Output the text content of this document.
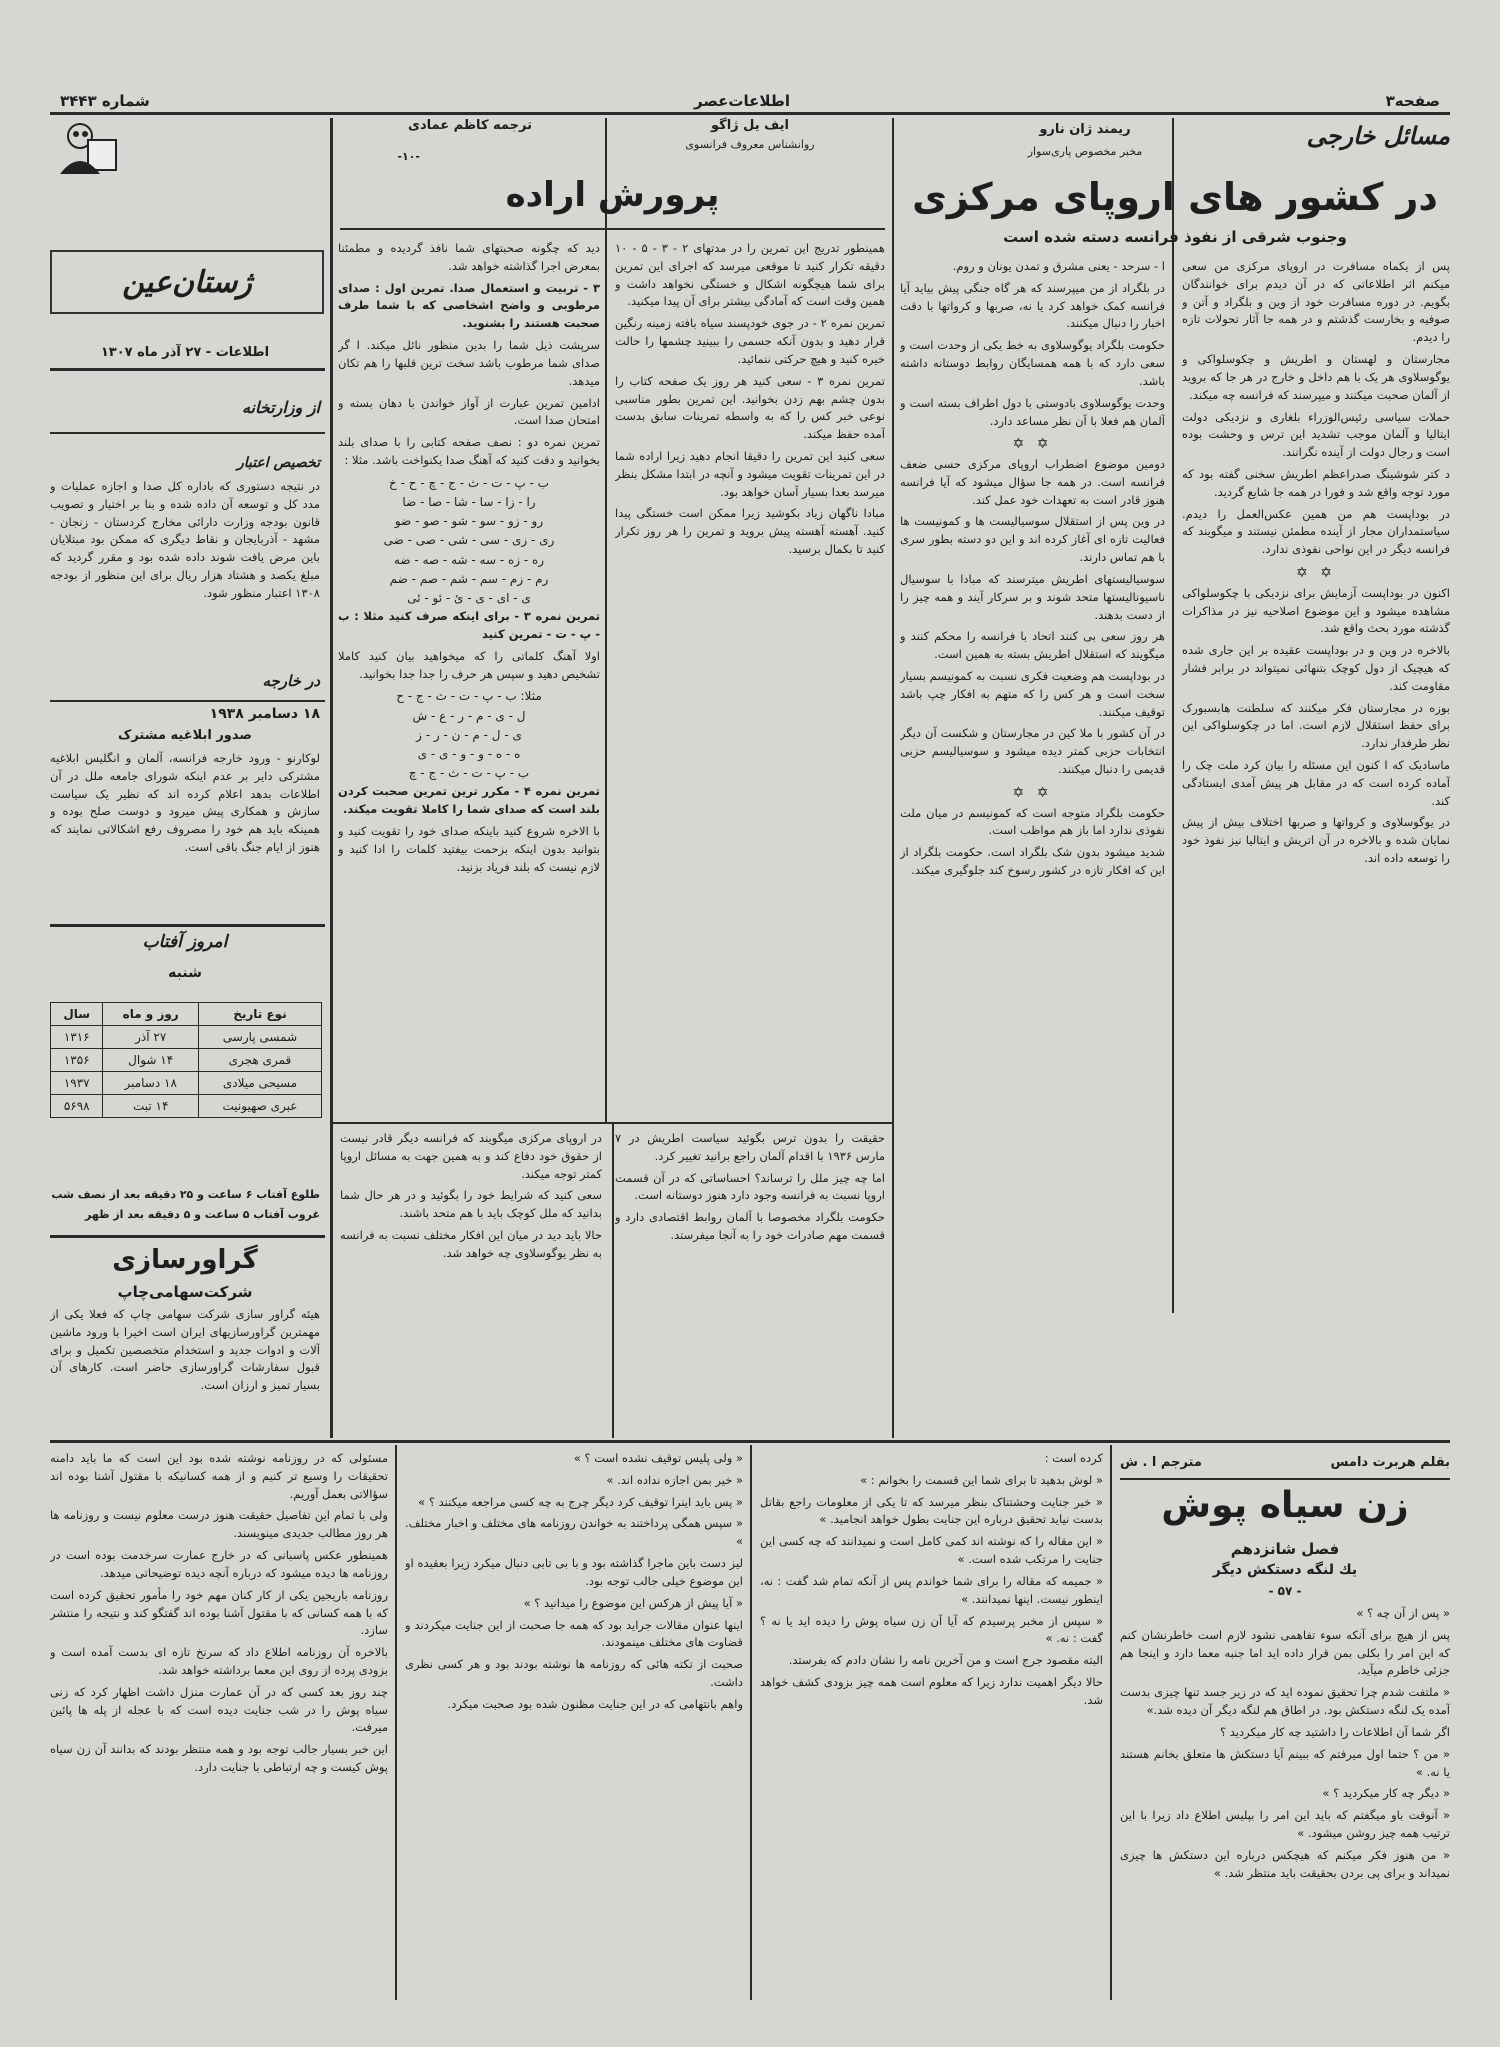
صفحه۳
اطلاعات‌عصر
شماره ۳۴۴۳
مسائل خارجی
ریمند ژان نارو
مخبر مخصوص پاری‌سوار
در کشور های اروپای مرکزی
وجنوب شرقی از نفوذ فرانسه دسته شده است

پس از یکماه مسافرت در اروپای مرکزی من سعی میکنم اثر اطلاعاتی که در آن دیدم برای خوانندگان بگویم. در دوره مسافرت خود از وین و بلگراد و آتن و صوفیه و بخارست گذشتم و در همه جا آثار تحولات تازه را دیدم.

مجارستان و لهستان و اطریش و چکوسلواکی و یوگوسلاوی هر یک با هم داخل و خارج در هر جا که بروید از آلمان صحبت میکنند و میپرسند که فرانسه چه میکند.

حملات سیاسی رئیس‌الوزراء بلغاری و نزدیکی دولت ایتالیا و آلمان موجب تشدید این ترس و وحشت بوده است و رجال دولت از آینده نگرانند.

د کتر شوشینگ صدراعظم اطریش سخنی گفته بود که مورد توجه واقع شد و فورا در همه جا شایع گردید.

در بوداپست هم من همین عکس‌العمل را دیدم. سیاستمداران مجار از آینده مطمئن نیستند و میگویند که فرانسه دیگر در این نواحی نفوذی ندارد.

✡ ✡

اکنون در بوداپست آزمایش برای نزدیکی با چکوسلواکی مشاهده میشود و این موضوع اصلاحیه نیز در مذاکرات گذشته مورد بحث واقع شد.

بالاخره در وین و در بوداپست عقیده بر این جاری شده که هیچیک از دول کوچک بتنهائی نمیتواند در برابر فشار مقاومت کند.

بوزه در مجارستان فکر میکنند که سلطنت هابسبورک برای حفظ استقلال لازم است. اما در چکوسلواکی این نظر طرفدار ندارد.

ماسادیک که ا کنون این مسئله را بیان کرد ملت چک را آماده کرده است که در مقابل هر پیش آمدی ایستادگی کند.

در یوگوسلاوی و کرواتها و صربها اختلاف بیش از پیش نمایان شده و بالاخره در آن اتریش و ایتالیا نیز نفوذ خود را توسعه داده اند.

ا - سرحد - یعنی مشرق و تمدن یونان و روم.

در بلگراد از من میپرسند که هر گاه جنگی پیش بیاید آیا فرانسه کمک خواهد کرد یا نه، صربها و کرواتها با دقت اخبار را دنبال میکنند.

حکومت بلگراد یوگوسلاوی به خط یکی از وحدت است و سعی دارد که با همه همسایگان روابط دوستانه داشته باشد.

وحدت یوگوسلاوی بادوستی با دول اطراف بسته است و آلمان هم فعلا با آن نظر مساعد دارد.

✡ ✡

دومین موضوع اضطراب اروپای مرکزی حسی ضعف فرانسه است. در همه جا سؤال میشود که آیا فرانسه هنوز قادر است به تعهدات خود عمل کند.

در وین پس از استقلال سوسیالیست ها و کمونیست ها فعالیت تازه ای آغاز کرده اند و این دو دسته بطور سری با هم تماس دارند.

سوسیالیستهای اطریش میترسند که مبادا با سوسیال ناسیونالیستها متحد شوند و بر سرکار آیند و همه چیز را از دست بدهند.

هر روز سعی بی کنند اتحاد با فرانسه را محکم کنند و میگویند که استقلال اطریش بسته به همین است.

در بوداپست هم وضعیت فکری نسبت به کمونیسم بسیار سخت است و هر کس را که متهم به افکار چپ باشد توقیف میکنند.

در آن کشور با ملا کین در مجارستان و شکست آن دیگر انتخابات حزبی کمتر دیده میشود و سوسیالیسم حزبی قدیمی را دنبال میکنند.

✡ ✡

حکومت بلگراد متوجه است که کمونیسم در میان ملت نفوذی ندارد اما باز هم مواظب است.

شدید میشود بدون شک بلگراد است. حکومت بلگراد از این که افکار تازه در کشور رسوخ کند جلوگیری میکند.

ایف یل ژاگو
روانشناس معروف فرانسوی
ترجمه کاظم عمادی
-۱۰-
پرورش اراده

همینطور تدریج این تمرین را در مدتهای ۲ - ۳ - ۵ - ۱۰ دقیقه تکرار کنید تا موقعی میرسد که اجرای این تمرین برای شما هیچگونه اشکال و خستگی نخواهد داشت و همین وقت است که آمادگی بیشتر برای آن پیدا میکنید.

تمرین نمره ۲ - در جوی خودپسند سیاه بافته زمینه رنگین قرار دهید و بدون آنکه جسمی را ببینید چشمها را حالت خیره کنید و هیچ حرکتی ننمائید.

تمرین نمره ۳ - سعی کنید هر روز یک صفحه کتاب را بدون چشم بهم زدن بخوانید. این تمرین بطور مناسبی نوعی خبر کس را که به واسطه تمرینات سابق بدست آمده حفظ میکند.

سعی کنید این تمرین را دقیقا انجام دهید زیرا اراده شما در این تمرینات تقویت میشود و آنچه در ابتدا مشکل بنظر میرسد بعدا بسیار آسان خواهد بود.

مبادا ناگهان زیاد بکوشید زیرا ممکن است خستگی پیدا کنید. آهسته آهسته پیش بروید و تمرین را هر روز تکرار کنید تا بکمال برسید.

دید که چگونه صحبتهای شما نافذ گردیده و مطمئنا بمعرض اجرا گذاشته خواهد شد.

۳ - تربیت و استعمال صدا. تمرین اول : صدای مرطوبی و واضح اشخاصی که با شما طرف صحبت هستند را بشنوید.

سرپشت ذیل شما را بدین منظور نائل میکند. ا گر صدای شما مرطوب باشد سخت ترین قلبها را هم تکان میدهد.

ادامین تمرین عبارت از آواز خواندن با دهان بسته و امتحان صدا است.

تمرین نمره دو : نصف صفحه کتابی را با صدای بلند بخوانید و دقت کنید که آهنگ صدا یکنواخت باشد. مثلا :

ب - پ - ت - ث - ج - چ - ح - خ
را - زا - سا - شا - صا - ضا
رو - زو - سو - شو - صو - ضو
ری - زی - سی - شی - صی - ضی
ره - زه - سه - شه - صه - ضه
رم - زم - سم - شم - صم - ضم
ی - ای - ی - ئ - ئو - ئی

تمرین نمره ۳ - برای اینکه صرف کنید مثلا : ب - پ - ت - تمرین کنید

اولا آهنگ کلماتی را که میخواهید بیان کنید کاملا تشخیص دهید و سپس هر حرف را جدا جدا بخوانید.

مثلا: ب - پ - ت - ث - ج - ح
ل - ی - م - ر - ع - ش
ی - ل - م - ن - ر - ز
ه - ه - و - و - ی - ی
ب - پ - ت - ث - ج - چ

تمرین نمره ۴ - مکرر ترین تمرین صحبت کردن بلند است که صدای شما را کاملا تقویت میکند.

با الاخره شروع کنید باینکه صدای خود را تقویت کنید و بتوانید بدون اینکه بزحمت بیفتید کلمات را ادا کنید و لازم نیست که بلند فریاد بزنید.

حقیقت را بدون ترس بگوئید سیاست اطریش در ۷ مارس ۱۹۳۶ با اقدام آلمان راجع برانید تغییر کرد.

اما چه چیز ملل را ترساند؟ احساساتی که در آن قسمت اروپا نسبت به فرانسه وجود دارد هنوز دوستانه است.

حکومت بلگراد مخصوصا با آلمان روابط اقتصادی دارد و قسمت مهم صادرات خود را به آنجا میفرستد.

در اروپای مرکزی میگویند که فرانسه دیگر قادر نیست از حقوق خود دفاع کند و به همین جهت به مسائل اروپا کمتر توجه میکند.

سعی کنید که شرایط خود را بگوئید و در هر حال شما بدانید که ملل کوچک باید با هم متحد باشند.

حالا باید دید در میان این افکار مختلف نسبت به فرانسه به نظر یوگوسلاوی چه خواهد شد.

ژ‌ستان‌عین
اطلاعات - ۲۷ آذر ماه ۱۳۰۷
از وزارتخانه
تخصیص اعتبار
در نتیجه دستوری که باداره کل صدا و اجازه عملیات و مدد کل و توسعه آن داده شده و بنا بر اختیار و تصویب قانون بودجه وزارت دارائی مخارج کردستان - زنجان - مشهد - آذربایجان و نقاط دیگری که ممکن بود مبتلایان باین مرض یافت شوند داده شده بود و مقرر گردید که مبلغ یکصد و هشتاد هزار ریال برای این منظور از بودجه ۱۳۰۸ اعتبار منظور شود.
در خارجه
۱۸ دسامبر ۱۹۳۸
صدور ابلاغیه مشترک
لوکارنو - ورود خارجه فرانسه، آلمان و انگلیس ابلاغیه مشترکی دایر بر عدم اینکه شورای جامعه ملل در آن اطلاعات بدهد اعلام کرده اند که نظیر یک سیاست سازش و همکاری پیش میرود و دوست صلح بوده و همینکه باید هم خود را مصروف رفع اشکالاتی نمایند که هنوز از ایام جنگ باقی است.
امروز آفتاب
شنبه
نوع تاریخ	روز و ماه	سال
شمسی پارسی	۲۷ آذر	۱۳۱۶
قمری هجری	۱۴ شوال	۱۳۵۶
مسیحی میلادی	۱۸ دسامبر	۱۹۳۷
عبری صهیونیت	۱۴ تبت	۵۶۹۸
طلوع آفتاب ۶ ساعت و ۲۵ دقیقه بعد از نصف شب
غروب آفتاب ۵ ساعت و ۵ دقیقه بعد از ظهر
گراورسازی
شرکت‌سهامی‌چاپ
هیئه گراور سازی شرکت سهامی چاپ که فعلا یکی از مهمترین گراورسازیهای ایران است اخیرا با ورود ماشین آلات و ادوات جدید و استخدام متخصصین تکمیل و برای قبول سفارشات گراورسازی حاضر است. کارهای آن بسیار تمیز و ارزان است.
بقلم هربرت دامس
مترجم ا . ش
زن سیاه پوش
فصل شانزدهم
یك لنگه دستکش دیگر
- ۵۷ -

« پس از آن چه ؟ »

پس از هیچ برای آنکه سوء تفاهمی نشود لازم است خاطرنشان کنم که این امر را بکلی بمن قرار داده اید اما جنبه معما دارد و اینجا هم جزئی خاطرم میآید.

« ملتفت شدم چرا تحقیق نموده اید که در زیر جسد تنها چیزی بدست آمده یک لنگه دستکش بود. در اطاق هم لنگه دیگر آن دیده شد.»

اگر شما آن اطلاعات را داشتید چه کار میکردید ؟

« من ؟ حتما اول میرفتم که ببینم آیا دستکش ها متعلق بخانم هستند یا نه. »

« دیگر چه کار میکردید ؟ »

« آنوقت باو میگفتم که باید این امر را بپلیس اطلاع داد زیرا با این ترتیب همه چیز روشن میشود. »

« من هنوز فکر میکنم که هیچکس درباره این دستکش ها چیزی نمیداند و برای پی بردن بحقیقت باید منتظر شد. »

کرده است :

« لوش بدهید تا برای شما این قسمت را بخوانم : »

« خبر جنایت وحشتناک بنظر میرسد که تا یکی از معلومات راجع بقاتل بدست نیاید تحقیق درباره این جنایت بطول خواهد انجامید. »

« این مقاله را که نوشته اند کمی کامل است و نمیدانند که چه کسی این جنایت را مرتکب شده است. »

« جمیمه که مقاله را برای شما خواندم پس از آنکه تمام شد گفت : نه، اینطور نیست. اینها نمیدانند. »

« سپس از مخبر پرسیدم که آیا آن زن سیاه پوش را دیده اید یا نه ؟ گفت : نه. »

البته مقصود جرج است و من آخرین نامه را نشان دادم که بفرستد.

حالا دیگر اهمیت ندارد زیرا که معلوم است همه چیز بزودی کشف خواهد شد.

« ولی پلیس توقیف نشده است ؟ »

« خیر بمن اجازه نداده اند. »

« پس باید اینرا توقیف کرد دیگر چرج به چه کسی مراجعه میکنند ؟ »

« سپس همگی پرداختند به خواندن روزنامه های مختلف و اخبار مختلف. »

لیز دست باین ماجرا گذاشته بود و با بی تابی دنبال میکرد زیرا بعقیده او این موضوع خیلی جالب توجه بود.

« آیا پیش از هرکس این موضوع را میدانید ؟ »

اینها عنوان مقالات جراید بود که همه جا صحبت از این جنایت میکردند و قضاوت های مختلف مینمودند.

صحبت از تکته هائی که روزنامه ها نوشته بودند بود و هر کسی نظری داشت.

واهم بانتهامی که در این جنایت مظنون شده بود صحبت میکرد.

مسئولی که در روزنامه نوشته شده بود این است که ما باید دامنه تحقیقات را وسیع تر کنیم و از همه کسانیکه با مقتول آشنا بوده اند سؤالاتی بعمل آوریم.

ولی با تمام این تفاصیل حقیقت هنوز درست معلوم نیست و روزنامه ها هر روز مطالب جدیدی مینویسند.

همینطور عکس پاسبانی که در خارج عمارت سرخدمت بوده است در روزنامه ها دیده میشود که درباره آنچه دیده توضیحاتی میدهد.

روزنامه باریجین یکی از کار کنان مهم خود را مأمور تحقیق کرده است که با همه کسانی که با مقتول آشنا بوده اند گفتگو کند و نتیجه را منتشر سازد.

بالاخره آن روزنامه اطلاع داد که سرنخ تازه ای بدست آمده است و بزودی پرده از روی این معما برداشته خواهد شد.

چند روز بعد کسی که در آن عمارت منزل داشت اظهار کرد که زنی سیاه پوش را در شب جنایت دیده است که با عجله از پله ها پائین میرفت.

این خبر بسیار جالب توجه بود و همه منتظر بودند که بدانند آن زن سیاه پوش کیست و چه ارتباطی با جنایت دارد.
